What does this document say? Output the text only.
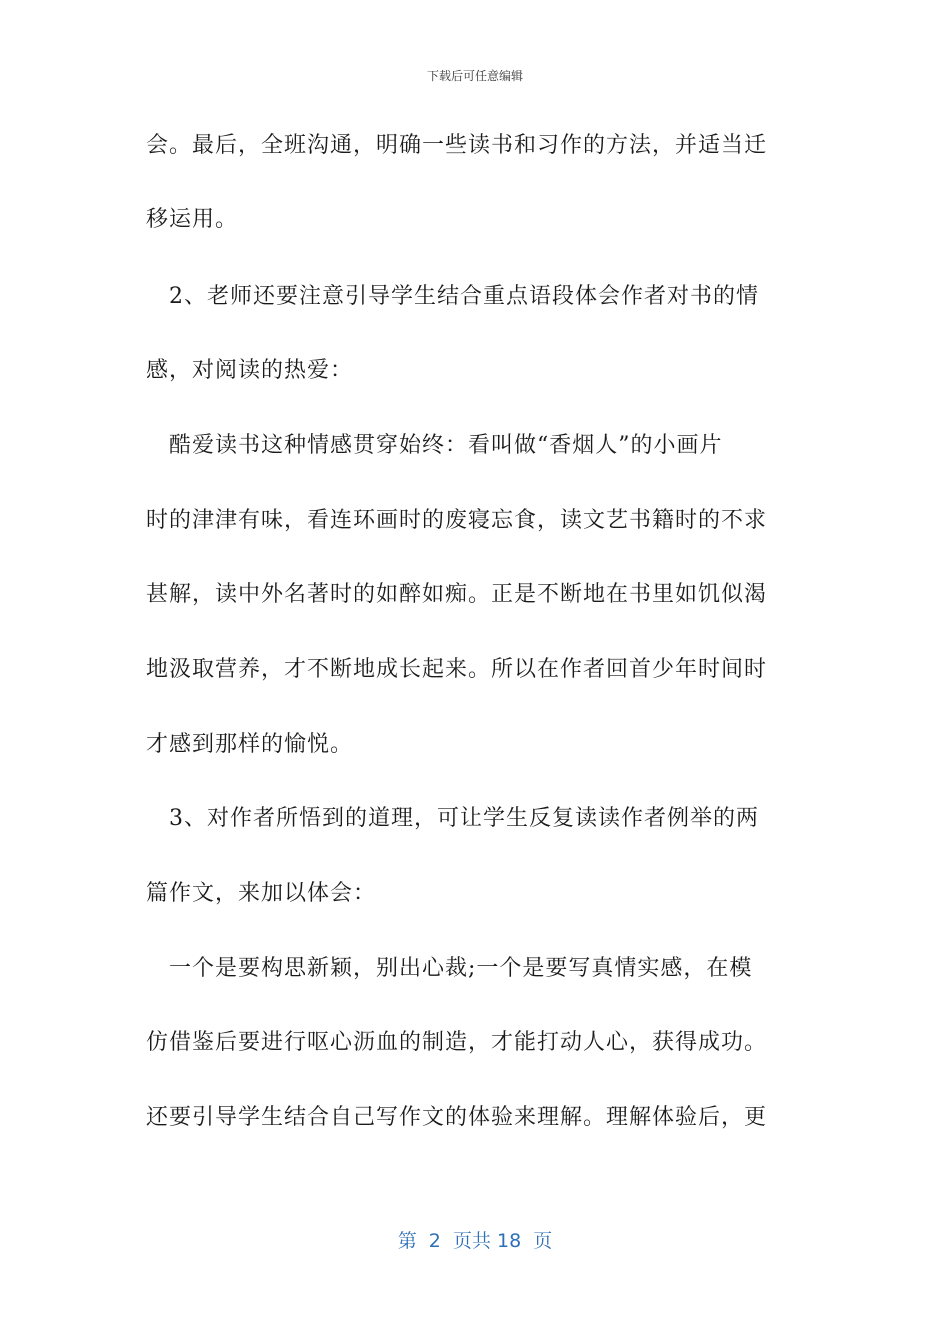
下载后可任意编辑
会。最后，全班沟通，明确一些读书和习作的方法，并适当迁
移运用。
　2、老师还要注意引导学生结合重点语段体会作者对书的情
感，对阅读的热爱：
　酷爱读书这种情感贯穿始终：看叫做“香烟人”的小画片
时的津津有味，看连环画时的废寝忘食，读文艺书籍时的不求
甚解，读中外名著时的如醉如痴。正是不断地在书里如饥似渴
地汲取营养，才不断地成长起来。所以在作者回首少年时间时
才感到那样的愉悦。
　3、对作者所悟到的道理，可让学生反复读读作者例举的两
篇作文，来加以体会：
　一个是要构思新颖，别出心裁;一个是要写真情实感，在模
仿借鉴后要进行呕心沥血的制造，才能打动人心，获得成功。
还要引导学生结合自己写作文的体验来理解。理解体验后，更
第  2  页共 18  页
